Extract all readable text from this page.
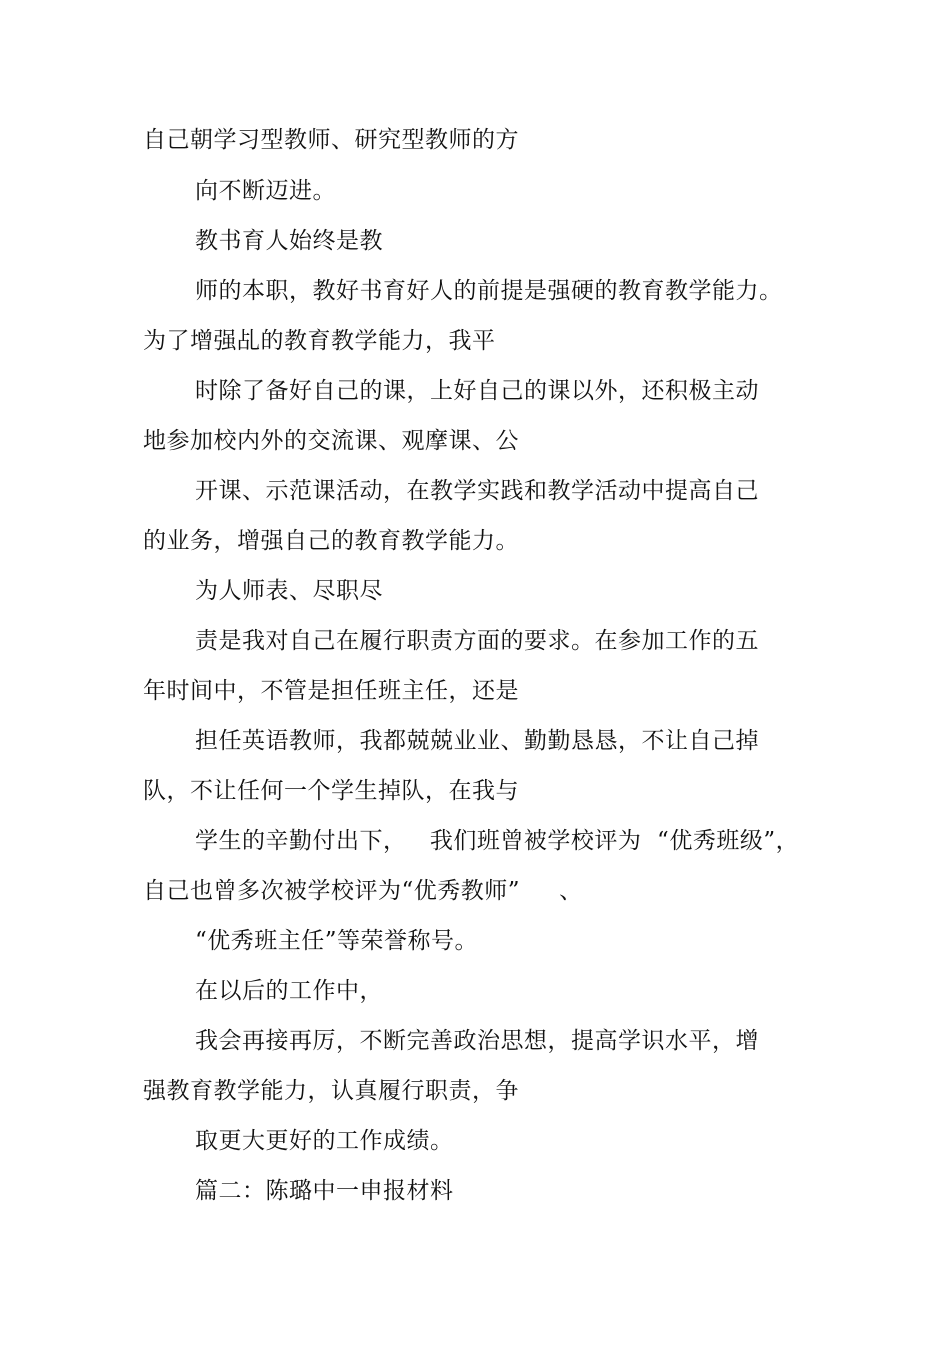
自己朝学习型教师、研究型教师的方
向不断迈进。
教书育人始终是教
师的本职，教好书育好人的前提是强硬的教育教学能力。
为了增强乩的教育教学能力，我平
时除了备好自己的课，上好自己的课以外，还积极主动
地参加校内外的交流课、观摩课、公
开课、示范课活动，在教学实践和教学活动中提高自己
的业务，增强自己的教育教学能力。
为人师表、尽职尽
责是我对自己在履行职责方面的要求。在参加工作的五
年时间中，不管是担任班主任，还是
担任英语教师，我都兢兢业业、勤勤恳恳，不让自己掉
队，不让任何一个学生掉队，在我与
学生的辛勤付出下，   我们班曾被学校评为  “优秀班级”，
自己也曾多次被学校评为“优秀教师”     、
“优秀班主任”等荣誉称号。
在以后的工作中，
我会再接再厉，不断完善政治思想，提高学识水平，增
强教育教学能力，认真履行职责，争
取更大更好的工作成绩。
篇二：陈璐中一申报材料
